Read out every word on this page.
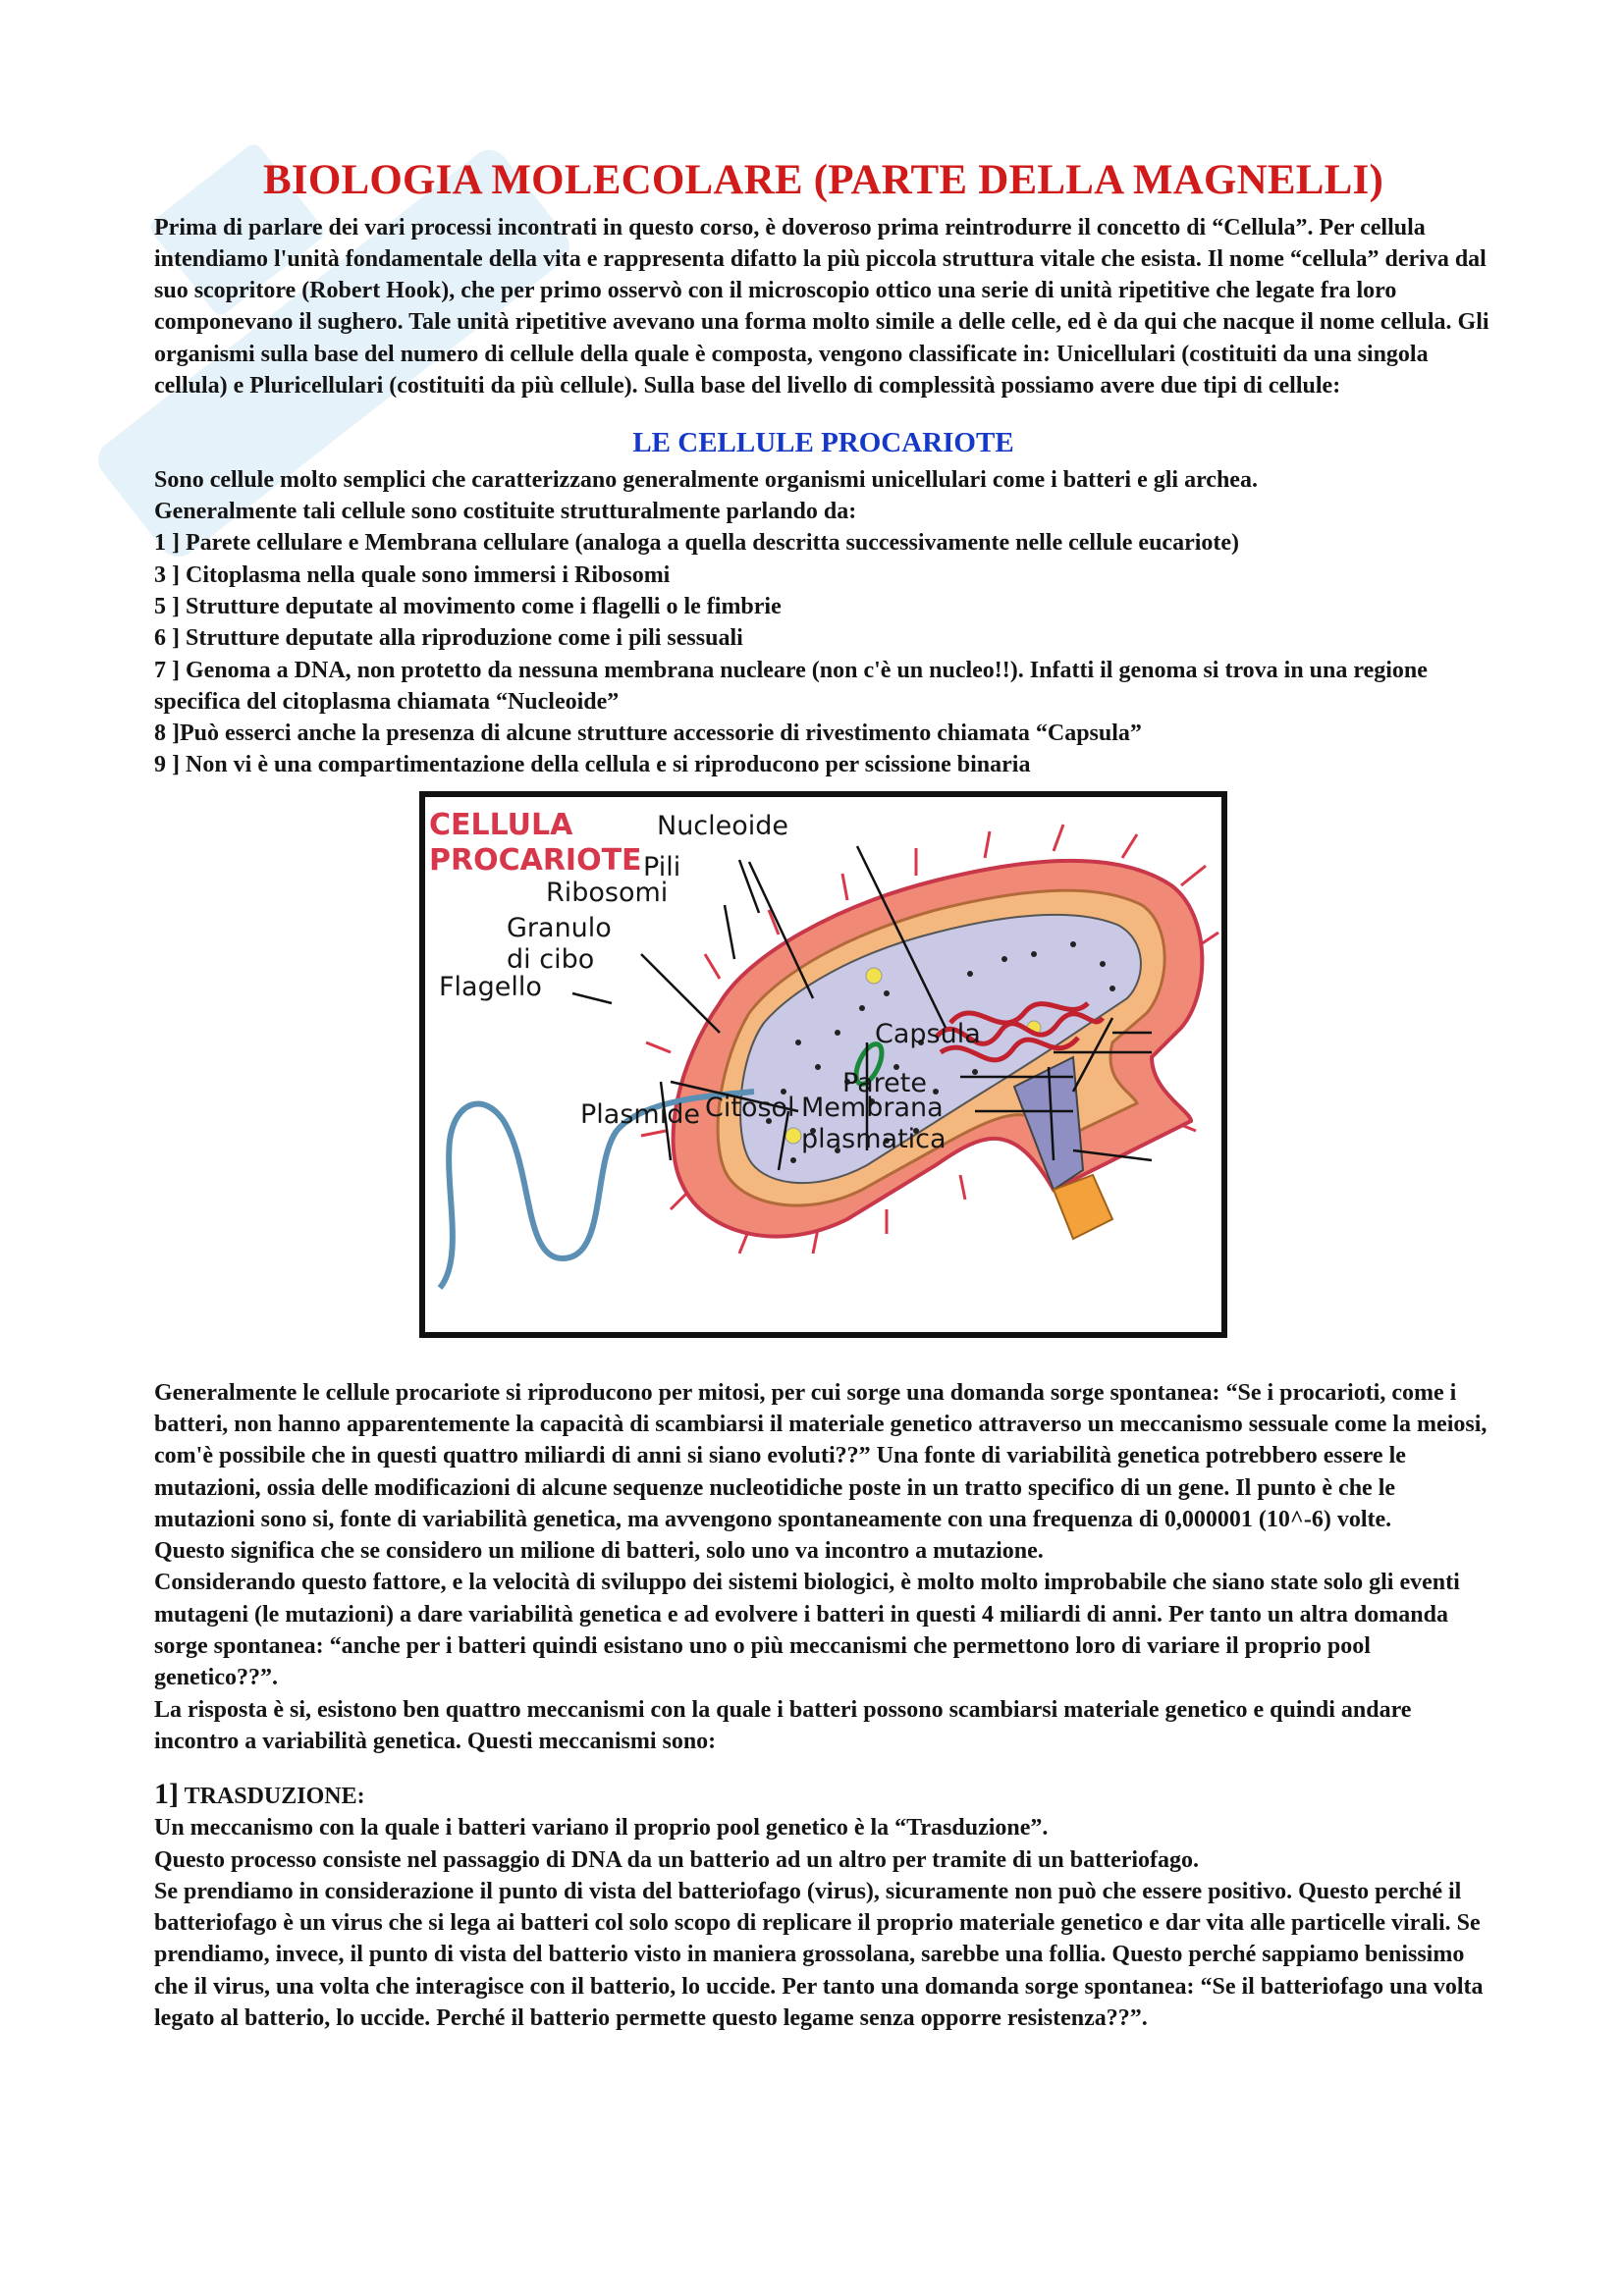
BIOLOGIA MOLECOLARE (PARTE DELLA MAGNELLI)

Prima di parlare dei vari processi incontrati in questo corso, è doveroso prima reintrodurre il concetto di “Cellula”. Per cellula intendiamo l'unità fondamentale della vita e rappresenta difatto la più piccola struttura vitale che esista. Il nome “cellula” deriva dal suo scopritore (Robert Hook), che per primo osservò con il microscopio ottico una serie di unità ripetitive che legate fra loro componevano il sughero. Tale unità ripetitive avevano una forma molto simile a delle celle, ed è da qui che nacque il nome cellula. Gli organismi sulla base del numero di cellule della quale è composta, vengono classificate in: Unicellulari (costituiti da una singola cellula) e Pluricellulari (costituiti da più cellule). Sulla base del livello di complessità possiamo avere due tipi di cellule:

LE CELLULE PROCARIOTE
Sono cellule molto semplici che caratterizzano generalmente organismi unicellulari come i batteri e gli archea.
Generalmente tali cellule sono costituite strutturalmente parlando da:
1 ] Parete cellulare e Membrana cellulare (analoga a quella descritta successivamente nelle cellule eucariote)
3 ] Citoplasma nella quale sono immersi i Ribosomi
5 ] Strutture deputate al movimento come i flagelli o le fimbrie
6 ] Strutture deputate alla riproduzione come i pili sessuali
7 ] Genoma a DNA, non protetto da nessuna membrana nucleare (non c'è un nucleo!!). Infatti il genoma si trova in una regione specifica del citoplasma chiamata “Nucleoide”
8 ]Può esserci anche la presenza di alcune strutture accessorie di rivestimento chiamata “Capsula”
9 ] Non vi è una compartimentazione della cellula e si riproducono per scissione binaria
CELLULA
PROCARIOTE Pili
Nucleoide
Ribosomi
Granulo
di cibo
Flagello
Capsula
Parete
Plasmide Citosol Membrana
plasmatica

Generalmente le cellule procariote si riproducono per mitosi, per cui sorge una domanda sorge spontanea: “Se i procarioti, come i batteri, non hanno apparentemente la capacità di scambiarsi il materiale genetico attraverso un meccanismo sessuale come la meiosi, com'è possibile che in questi quattro miliardi di anni si siano evoluti??” Una fonte di variabilità genetica potrebbero essere le mutazioni, ossia delle modificazioni di alcune sequenze nucleotidiche poste in un tratto specifico di un gene. Il punto è che le mutazioni sono si, fonte di variabilità genetica, ma avvengono spontaneamente con una frequenza di 0,000001 (10^-6) volte.

Questo significa che se considero un milione di batteri, solo uno va incontro a mutazione.

Considerando questo fattore, e la velocità di sviluppo dei sistemi biologici, è molto molto improbabile che siano state solo gli eventi mutageni (le mutazioni) a dare variabilità genetica e ad evolvere i batteri in questi 4 miliardi di anni. Per tanto un altra domanda sorge spontanea: “anche per i batteri quindi esistano uno o più meccanismi che permettono loro di variare il proprio pool genetico??”.

La risposta è si, esistono ben quattro meccanismi con la quale i batteri possono scambiarsi materiale genetico e quindi andare incontro a variabilità genetica. Questi meccanismi sono:

1] TRASDUZIONE:

Un meccanismo con la quale i batteri variano il proprio pool genetico è la “Trasduzione”.

Questo processo consiste nel passaggio di DNA da un batterio ad un altro per tramite di un batteriofago.

Se prendiamo in considerazione il punto di vista del batteriofago (virus), sicuramente non può che essere positivo. Questo perché il batteriofago è un virus che si lega ai batteri col solo scopo di replicare il proprio materiale genetico e dar vita alle particelle virali. Se prendiamo, invece, il punto di vista del batterio visto in maniera grossolana, sarebbe una follia. Questo perché sappiamo benissimo che il virus, una volta che interagisce con il batterio, lo uccide. Per tanto una domanda sorge spontanea: “Se il batteriofago una volta legato al batterio, lo uccide. Perché il batterio permette questo legame senza opporre resistenza??”.
